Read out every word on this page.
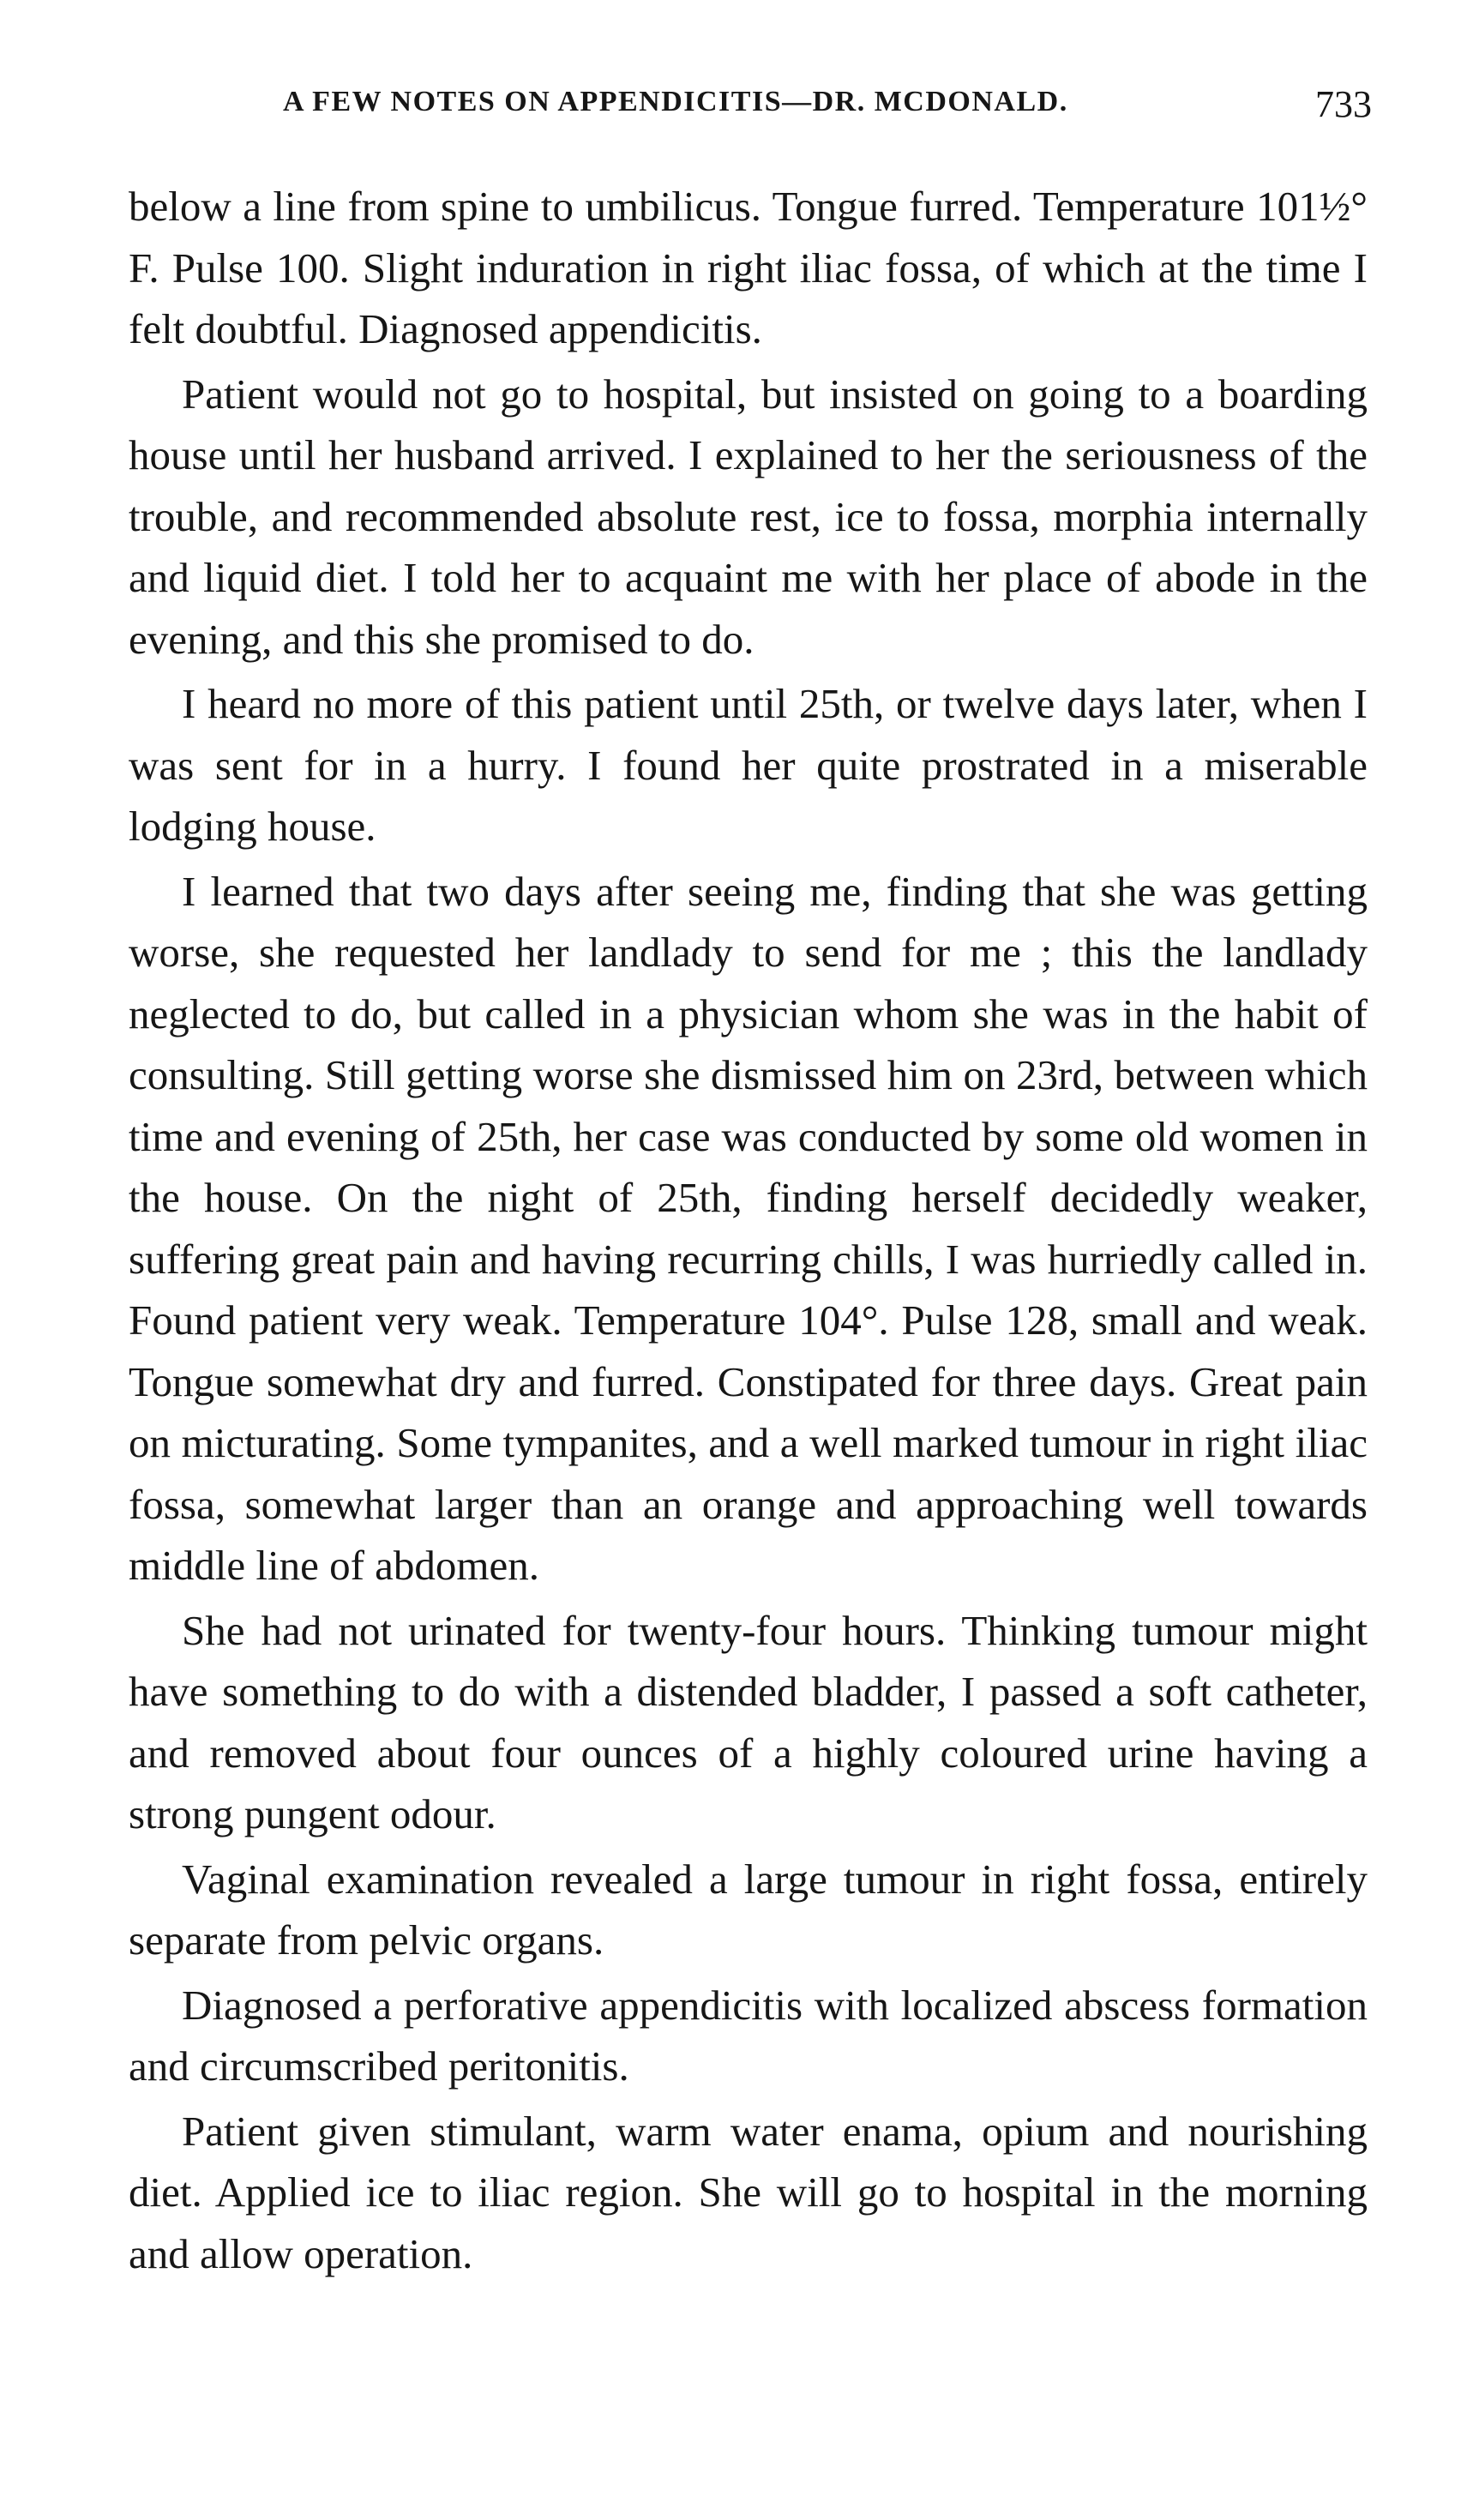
A FEW NOTES ON APPENDICITIS—DR. MCDONALD.	733

below a line from spine to umbilicus. Tongue furred. Temperature 101½° F. Pulse 100. Slight induration in right iliac fossa, of which at the time I felt doubtful. Diagnosed appendicitis.

Patient would not go to hospital, but insisted on going to a boarding house until her husband arrived. I explained to her the seriousness of the trouble, and recommended absolute rest, ice to fossa, morphia internally and liquid diet. I told her to acquaint me with her place of abode in the evening, and this she promised to do.

I heard no more of this patient until 25th, or twelve days later, when I was sent for in a hurry. I found her quite prostrated in a miserable lodging house.

I learned that two days after seeing me, finding that she was getting worse, she requested her landlady to send for me ; this the landlady neglected to do, but called in a physician whom she was in the habit of consulting. Still getting worse she dismissed him on 23rd, between which time and evening of 25th, her case was conducted by some old women in the house. On the night of 25th, finding herself decidedly weaker, suffering great pain and having recurring chills, I was hurriedly called in. Found patient very weak. Temperature 104°. Pulse 128, small and weak. Tongue somewhat dry and furred. Constipated for three days. Great pain on micturating. Some tympanites, and a well marked tumour in right iliac fossa, somewhat larger than an orange and approaching well towards middle line of abdomen.

She had not urinated for twenty-four hours. Thinking tumour might have something to do with a distended bladder, I passed a soft catheter, and removed about four ounces of a highly coloured urine having a strong pungent odour.

Vaginal examination revealed a large tumour in right fossa, entirely separate from pelvic organs.

Diagnosed a perforative appendicitis with localized abscess formation and circumscribed peritonitis.

Patient given stimulant, warm water enama, opium and nourishing diet. Applied ice to iliac region. She will go to hospital in the morning and allow operation.
